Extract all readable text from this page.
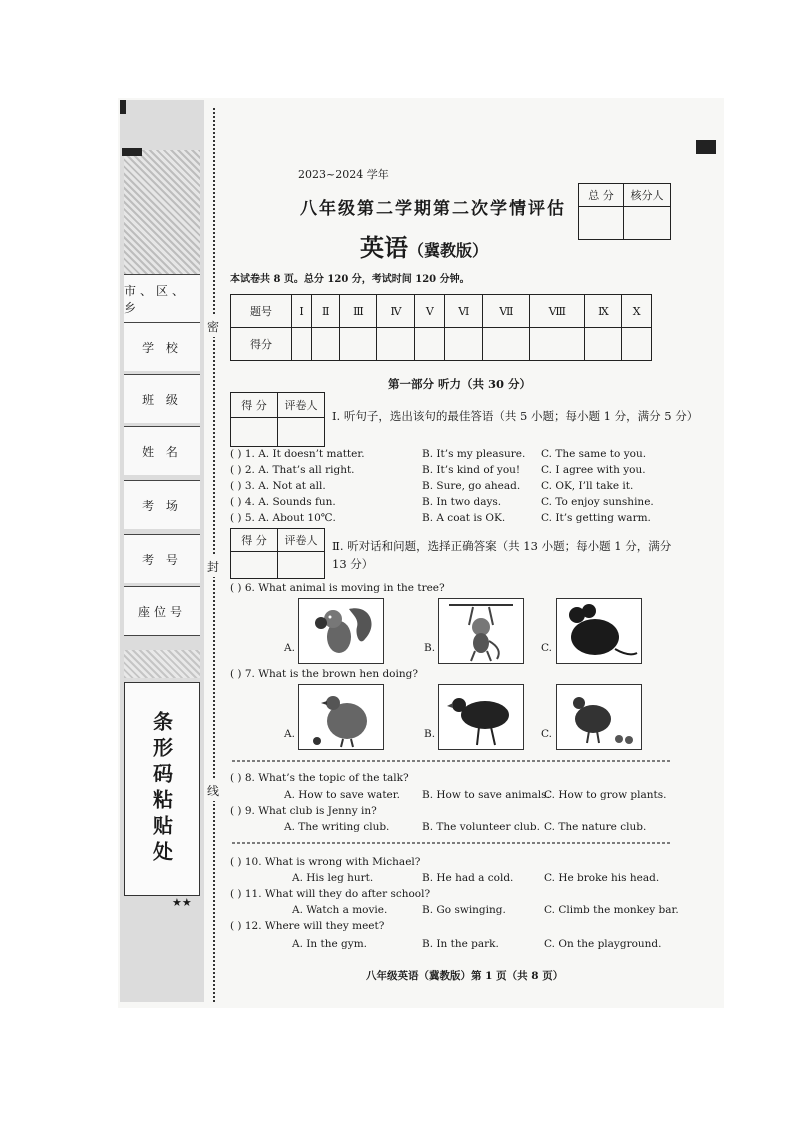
市、区、乡
学 校
班 级
姓 名
考 场
考 号
座位号
条形码粘贴处
★★
密
封
线
2023~2024 学年
八年级第二学期第二次学情评估
英语（冀教版）
本试卷共 8 页。总分 120 分，考试时间 120 分钟。
总 分	核分人

题号	Ⅰ	Ⅱ	Ⅲ	Ⅳ	Ⅴ	Ⅵ	Ⅶ	Ⅷ	Ⅸ	Ⅹ
得分										
第一部分 听力（共 30 分）
得 分	评卷人

Ⅰ. 听句子，选出该句的最佳答语（共 5 小题；每小题 1 分，满分 5 分）
( ) 1. A. It doesn’t matter.	B. It’s my pleasure. C. The same to you.
( ) 2. A. That’s all right.	B. It’s kind of you! C. I agree with you.
( ) 3. A. Not at all.	B. Sure, go ahead. C. OK, I’ll take it.
( ) 4. A. Sounds fun.	B. In two days.	C. To enjoy sunshine.
( ) 5. A. About 10℃.	B. A coat is OK.	C. It’s getting warm.
得 分	评卷人
	Ⅱ. 听对话和问题，选择正确答案（共 13 小题；每小题 1 分，满分
13 分）
( ) 6. What animal is moving in the tree?
A.	B.	C.
( ) 7. What is the brown hen doing?
A.	B.	C.
( ) 8. What’s the topic of the talk?
A. How to save water. B. How to save animals.
C. How to grow plants.
( ) 9. What club is Jenny in?
A. The writing club.	B. The volunteer club. C. The nature club.
( ) 10. What is wrong with Michael?
A. His leg hurt.	B. He had a cold.	C. He broke his head.
( ) 11. What will they do after school?
A. Watch a movie.	B. Go swinging.	C. Climb the monkey bar.
( ) 12. Where will they meet?
A. In the gym.	B. In the park.	C. On the playground.
八年级英语（冀教版）第 1 页（共 8 页）
